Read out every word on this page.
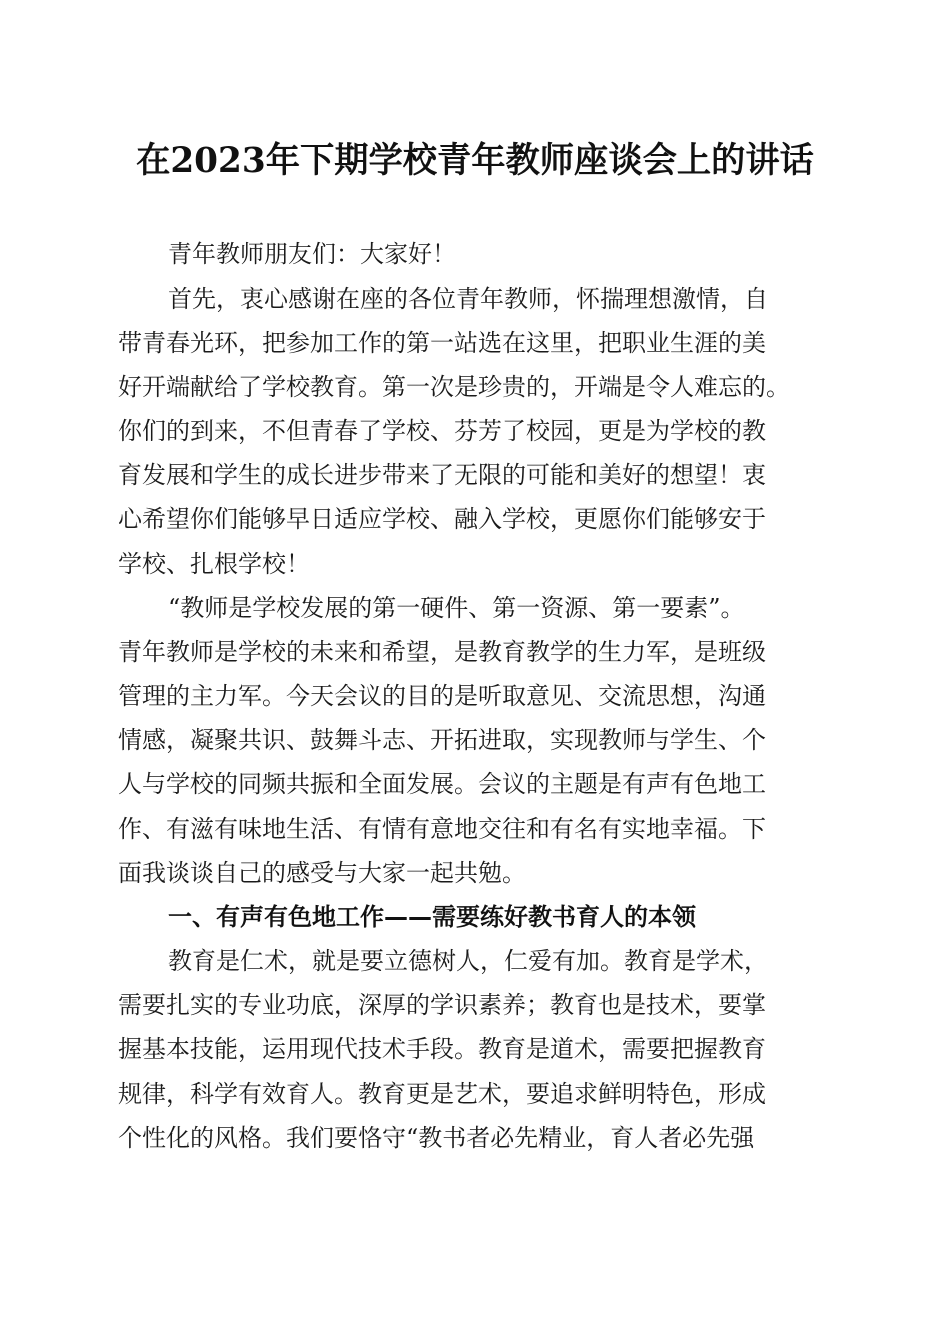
在2023年下期学校青年教师座谈会上的讲话
青年教师朋友们：大家好！
首先，衷心感谢在座的各位青年教师，怀揣理想激情，自
带青春光环，把参加工作的第一站选在这里，把职业生涯的美
好开端献给了学校教育。第一次是珍贵的，开端是令人难忘的。
你们的到来，不但青春了学校、芬芳了校园，更是为学校的教
育发展和学生的成长进步带来了无限的可能和美好的想望！衷
心希望你们能够早日适应学校、融入学校，更愿你们能够安于
学校、扎根学校！
“教师是学校发展的第一硬件、第一资源、第一要素”。
青年教师是学校的未来和希望，是教育教学的生力军，是班级
管理的主力军。今天会议的目的是听取意见、交流思想，沟通
情感，凝聚共识、鼓舞斗志、开拓进取，实现教师与学生、个
人与学校的同频共振和全面发展。会议的主题是有声有色地工
作、有滋有味地生活、有情有意地交往和有名有实地幸福。下
面我谈谈自己的感受与大家一起共勉。
一、有声有色地工作——需要练好教书育人的本领
教育是仁术，就是要立德树人，仁爱有加。教育是学术，
需要扎实的专业功底，深厚的学识素养；教育也是技术，要掌
握基本技能，运用现代技术手段。教育是道术，需要把握教育
规律，科学有效育人。教育更是艺术，要追求鲜明特色，形成
个性化的风格。我们要恪守“教书者必先精业，育人者必先强
